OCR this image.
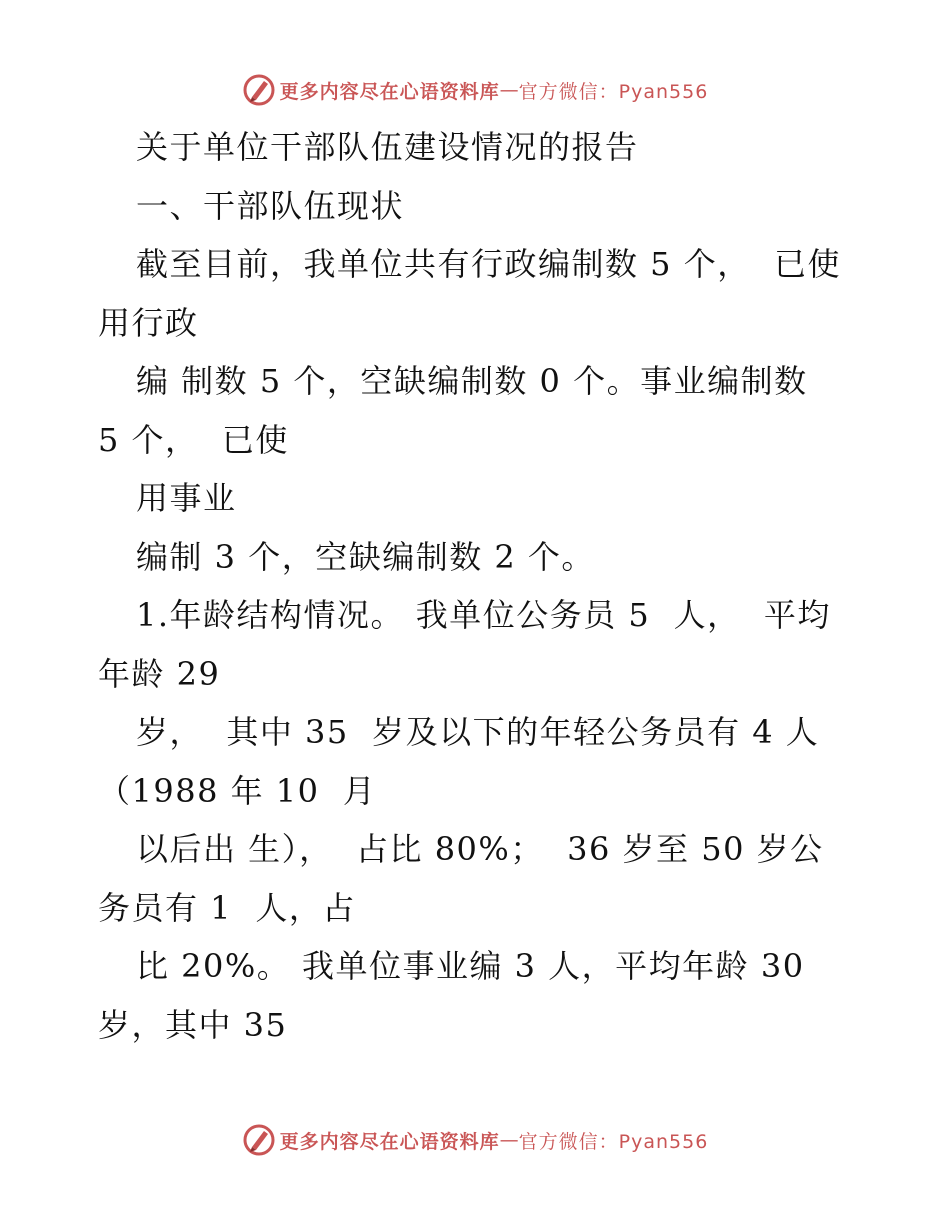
更多内容尽在心语资料库 — 官方微信：Pyan556
关于单位干部队伍建设情况的报告
一、干部队伍现状
截至目前，我单位共有行政编制数 5 个，  已使
用行政
编 制数 5 个，空缺编制数 0 个。事业编制数
5 个，  已使
用事业
编制 3 个，空缺编制数 2 个。
1.年龄结构情况。 我单位公务员 5  人，  平均
年龄 29
岁，  其中 35  岁及以下的年轻公务员有 4 人
（1988 年 10  月
以后出 生），  占比 80%；  36 岁至 50 岁公
务员有 1  人，占
比 20%。 我单位事业编 3 人，平均年龄 30
岁，其中 35
更多内容尽在心语资料库 — 官方微信：Pyan556
